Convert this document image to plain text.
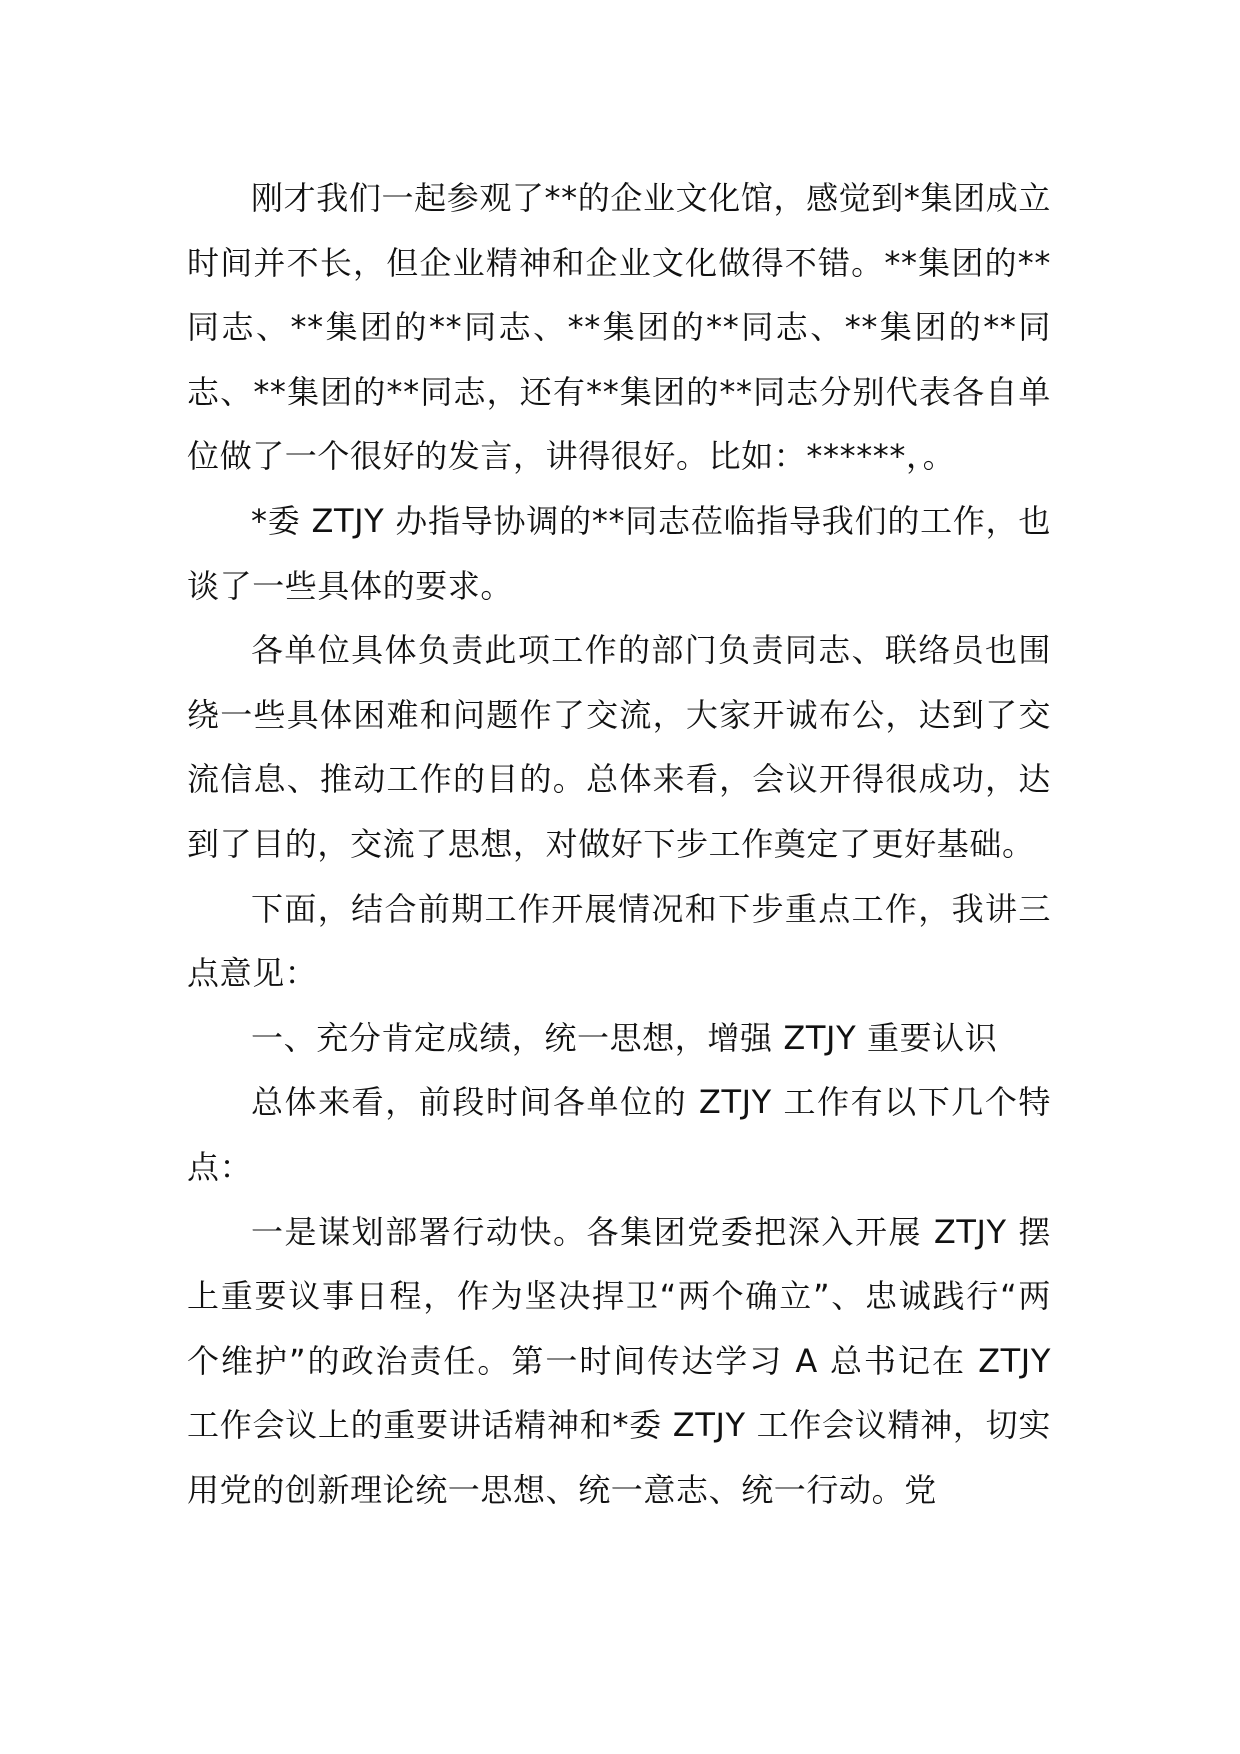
刚才我们一起参观了**的企业文化馆，感觉到*集团成立时间并不长，但企业精神和企业文化做得不错。**集团的**同志、**集团的**同志、**集团的**同志、**集团的**同志、**集团的**同志，还有**集团的**同志分别代表各自单位做了一个很好的发言，讲得很好。比如：******，。

*委 ZTJY 办指导协调的**同志莅临指导我们的工作，也谈了一些具体的要求。

各单位具体负责此项工作的部门负责同志、联络员也围绕一些具体困难和问题作了交流，大家开诚布公，达到了交流信息、推动工作的目的。总体来看，会议开得很成功，达到了目的，交流了思想，对做好下步工作奠定了更好基础。

下面，结合前期工作开展情况和下步重点工作，我讲三点意见：

一、充分肯定成绩，统一思想，增强 ZTJY 重要认识

总体来看，前段时间各单位的 ZTJY 工作有以下几个特点：

一是谋划部署行动快。各集团党委把深入开展 ZTJY 摆上重要议事日程，作为坚决捍卫“两个确立”、忠诚践行“两个维护”的政治责任。第一时间传达学习 A 总书记在 ZTJY 工作会议上的重要讲话精神和*委 ZTJY 工作会议精神，切实用党的创新理论统一思想、统一意志、统一行动。党
